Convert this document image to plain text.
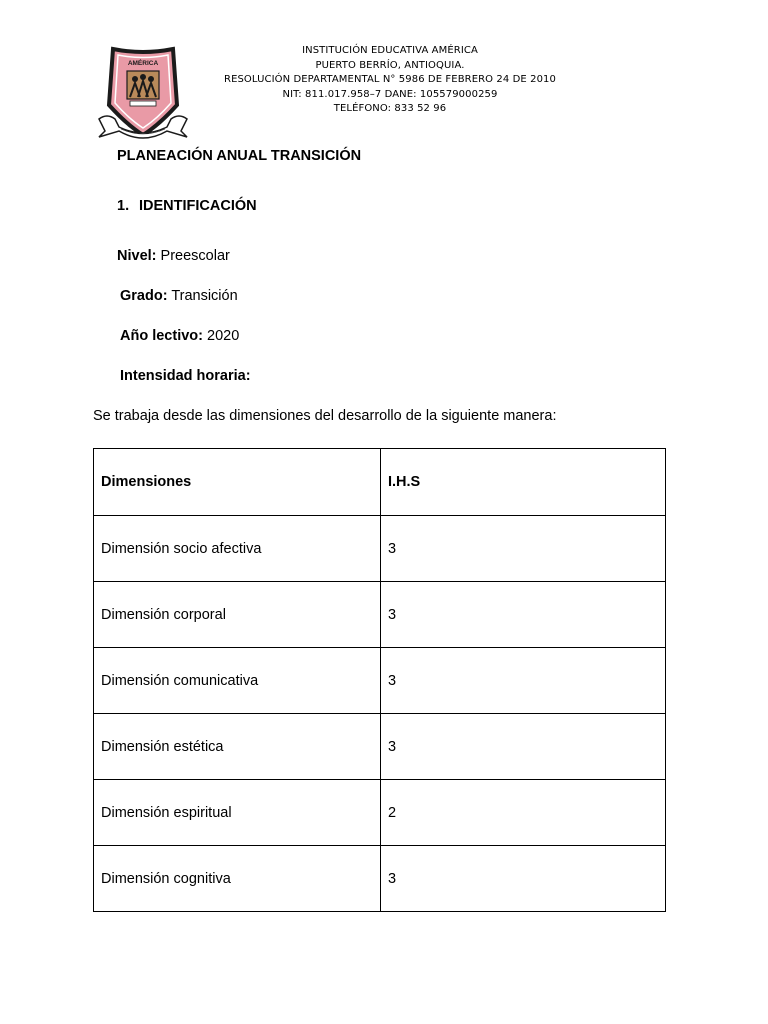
AMÉRICA
INSTITUCIÓN EDUCATIVA AMÉRICA
PUERTO BERRÍO, ANTIOQUIA.
RESOLUCIÓN DEPARTAMENTAL N° 5986 DE FEBRERO 24 DE 2010
NIT: 811.017.958–7 DANE: 105579000259
TELÉFONO: 833 52 96
PLANEACIÓN ANUAL TRANSICIÓN
1. IDENTIFICACIÓN
Nivel: Preescolar
Grado: Transición
Año lectivo: 2020
Intensidad horaria:
Se trabaja desde las dimensiones del desarrollo de la siguiente manera:
Dimensiones	I.H.S
Dimensión socio afectiva	3
Dimensión corporal	3
Dimensión comunicativa	3
Dimensión estética	3
Dimensión espiritual	2
Dimensión cognitiva	3
